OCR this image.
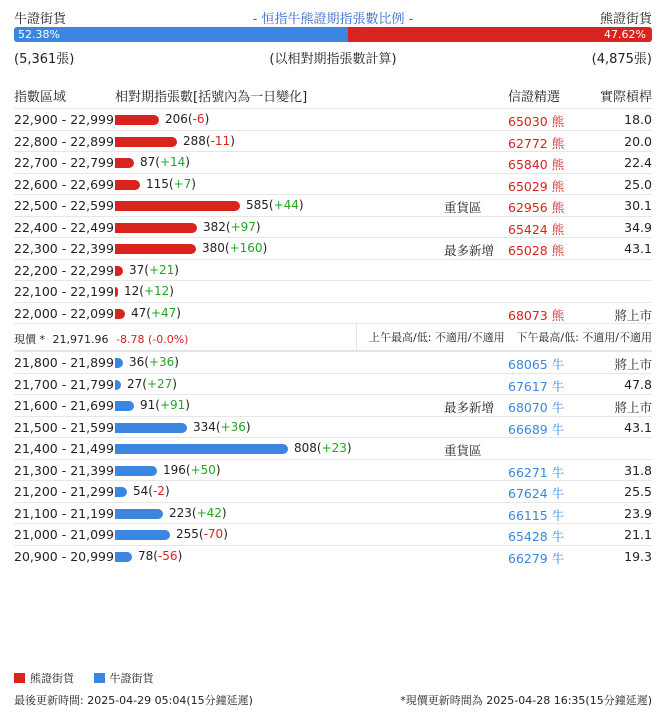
牛證街貨	- 恒指牛熊證期指張數比例 -	熊證街貨
52.38%	47.62%
(5,361張)	(以相對期指張數計算)	(4,875張)
指數區域	相對期指張數[括號內為一日變化]	信證精選	實際槓桿
22,900 - 22,999	206(-6)	65030 熊	18.0
22,800 - 22,899	288(-11)	62772 熊	20.0
22,700 - 22,799 87(+14)	65840 熊	22.4
22,600 - 22,699	115(+7)	65029 熊	25.0
22,500 - 22,599	585(+44)	重貨區 62956 熊	30.1
22,400 - 22,499	382(+97)	65424 熊	34.9
22,300 - 22,399	380(+160)	最多新增 65028 熊	43.1
22,200 - 22,299 37(+21)
22,100 - 22,199 12(+12)
22,000 - 22,099 47(+47)	68073 熊	將上市
現價 * 21,971.96 -8.78 (-0.0%)	上午最高/低: 不適用/不適用 下午最高/低: 不適用/不適用
21,800 - 21,899 36(+36)	68065 牛	將上市
21,700 - 21,799 27(+27)	67617 牛	47.8
21,600 - 21,699 91(+91)	最多新增 68070 牛	將上市
21,500 - 21,599	334(+36)	66689 牛	43.1
21,400 - 21,499	808(+23)	重貨區
21,300 - 21,399	196(+50)	66271 牛	31.8
21,200 - 21,299 54(-2)	67624 牛	25.5
21,100 - 21,199	223(+42)	66115 牛	23.9
21,000 - 21,099	255(-70)	65428 牛	21.1
20,900 - 20,999 78(-56)	66279 牛	19.3
熊證街貨	牛證街貨
最後更新時間: 2025-04-29 05:04(15分鐘延遲)	*現價更新時間為 2025-04-28 16:35(15分鐘延遲)
